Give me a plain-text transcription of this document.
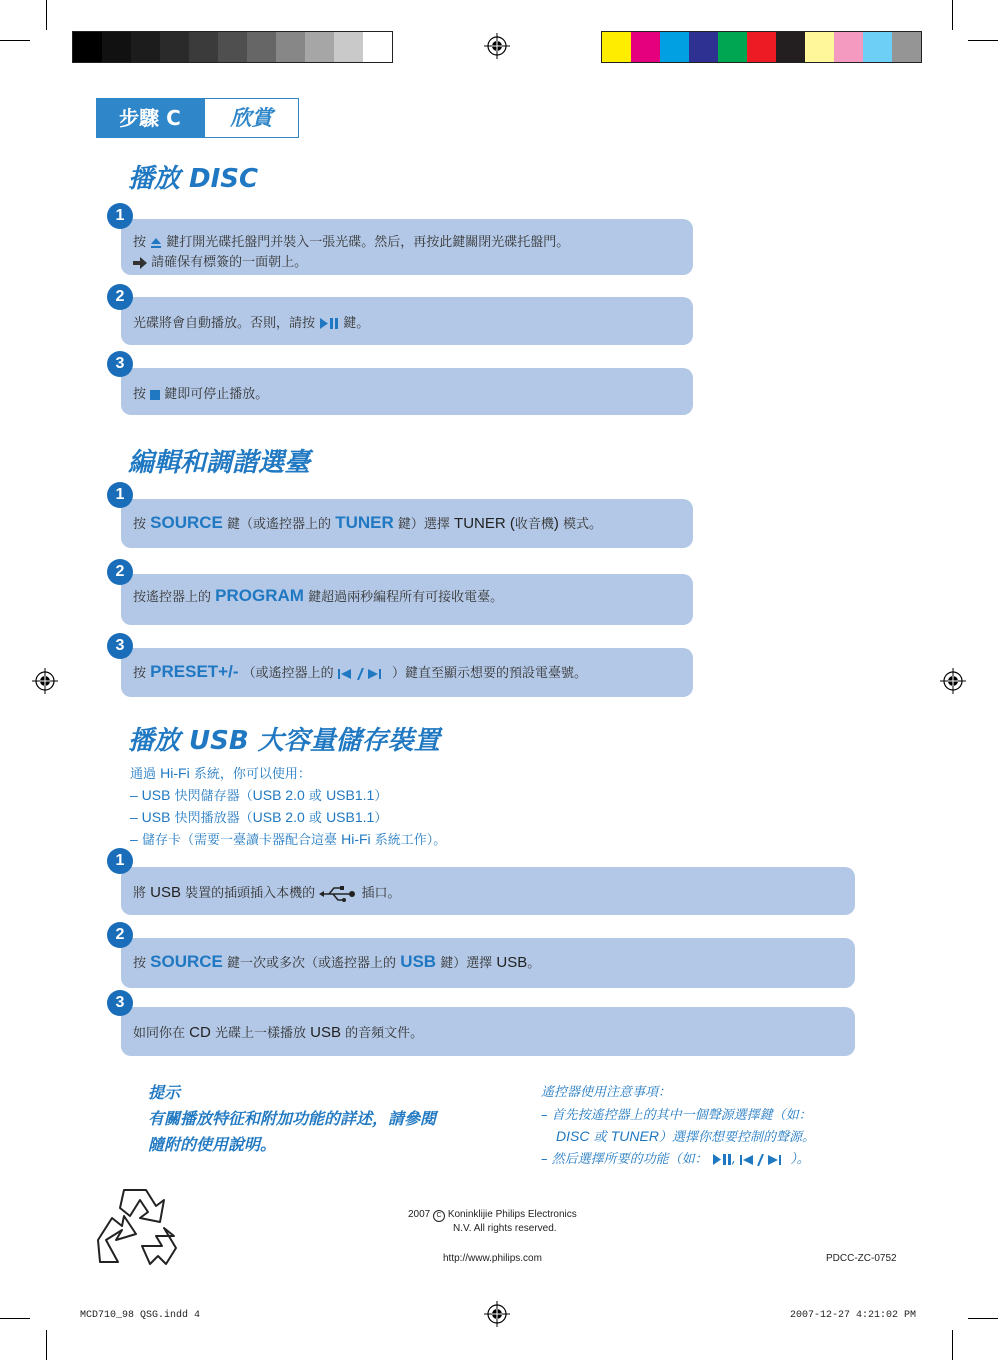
步驟 C	欣賞
播放 DISC
按 鍵打開光碟托盤門并裝入一張光碟。然后，再按此鍵關閉光碟托盤門。
請確保有標簽的一面朝上。
1
光碟將會自動播放。否則，請按 鍵。
2
按 鍵即可停止播放。
3
編輯和調諧選臺
按 SOURCE 鍵（或遙控器上的 TUNER 鍵）選擇 TUNER (收音機) 模式。
1
按遙控器上的 PROGRAM 鍵超過兩秒編程所有可接收電臺。
2
按 PRESET+/- （或遙控器上的	）鍵直至顯示想要的預設電臺號。
3
播放 USB 大容量儲存裝置
通過 Hi-Fi 系統，你可以使用：
– USB 快閃儲存器（USB 2.0 或 USB1.1）
– USB 快閃播放器（USB 2.0 或 USB1.1）
– 儲存卡（需要一臺讀卡器配合這臺 Hi-Fi 系統工作）。
將 USB 裝置的插頭插入本機的	插口。
1
按 SOURCE 鍵一次或多次（或遙控器上的 USB 鍵）選擇 USB。
2
如同你在 CD 光碟上一樣播放 USB 的音頻文件。
3
提示
有關播放特征和附加功能的詳述，請參閱
隨附的使用說明。
遙控器使用注意事項：
– 首先按遙控器上的其中一個聲源選擇鍵（如：
DISC 或 TUNER）選擇你想要控制的聲源。
– 然后選擇所要的功能（如： ,	）。
2007 C Koninklijie Philips Electronics
N.V. All rights reserved.
http://www.philips.com	PDCC-ZC-0752
MCD710_98 QSG.indd 4	2007-12-27 4:21:02 PM
